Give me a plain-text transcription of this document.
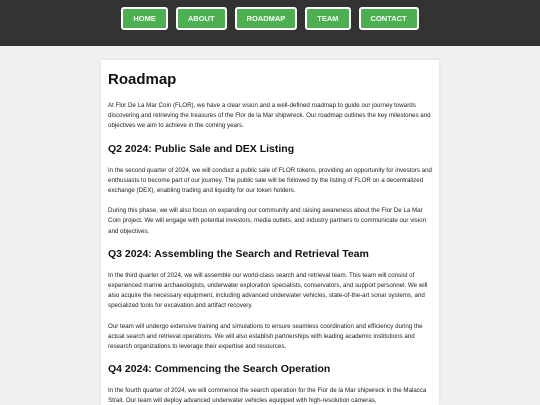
HOME	ABOUT	ROADMAP	TEAM	CONTACT
Roadmap

At Flor De La Mar Coin (FLOR), we have a clear vision and a well-defined roadmap to guide our journey towards discovering and retrieving the treasures of the Flor de la Mar shipwreck. Our roadmap outlines the key milestones and objectives we aim to achieve in the coming years.

Q2 2024: Public Sale and DEX Listing

In the second quarter of 2024, we will conduct a public sale of FLOR tokens, providing an opportunity for investors and enthusiasts to become part of our journey. The public sale will be followed by the listing of FLOR on a decentralized exchange (DEX), enabling trading and liquidity for our token holders.

During this phase, we will also focus on expanding our community and raising awareness about the Flor De La Mar Coin project. We will engage with potential investors, media outlets, and industry partners to communicate our vision and objectives.

Q3 2024: Assembling the Search and Retrieval Team

In the third quarter of 2024, we will assemble our world-class search and retrieval team. This team will consist of experienced marine archaeologists, underwater exploration specialists, conservators, and support personnel. We will also acquire the necessary equipment, including advanced underwater vehicles, state-of-the-art sonar systems, and specialized tools for excavation and artifact recovery.

Our team will undergo extensive training and simulations to ensure seamless coordination and efficiency during the actual search and retrieval operations. We will also establish partnerships with leading academic institutions and research organizations to leverage their expertise and resources.

Q4 2024: Commencing the Search Operation

In the fourth quarter of 2024, we will commence the search operation for the Flor de la Mar shipwreck in the Malacca Strait. Our team will deploy advanced underwater vehicles equipped with high-resolution cameras,
